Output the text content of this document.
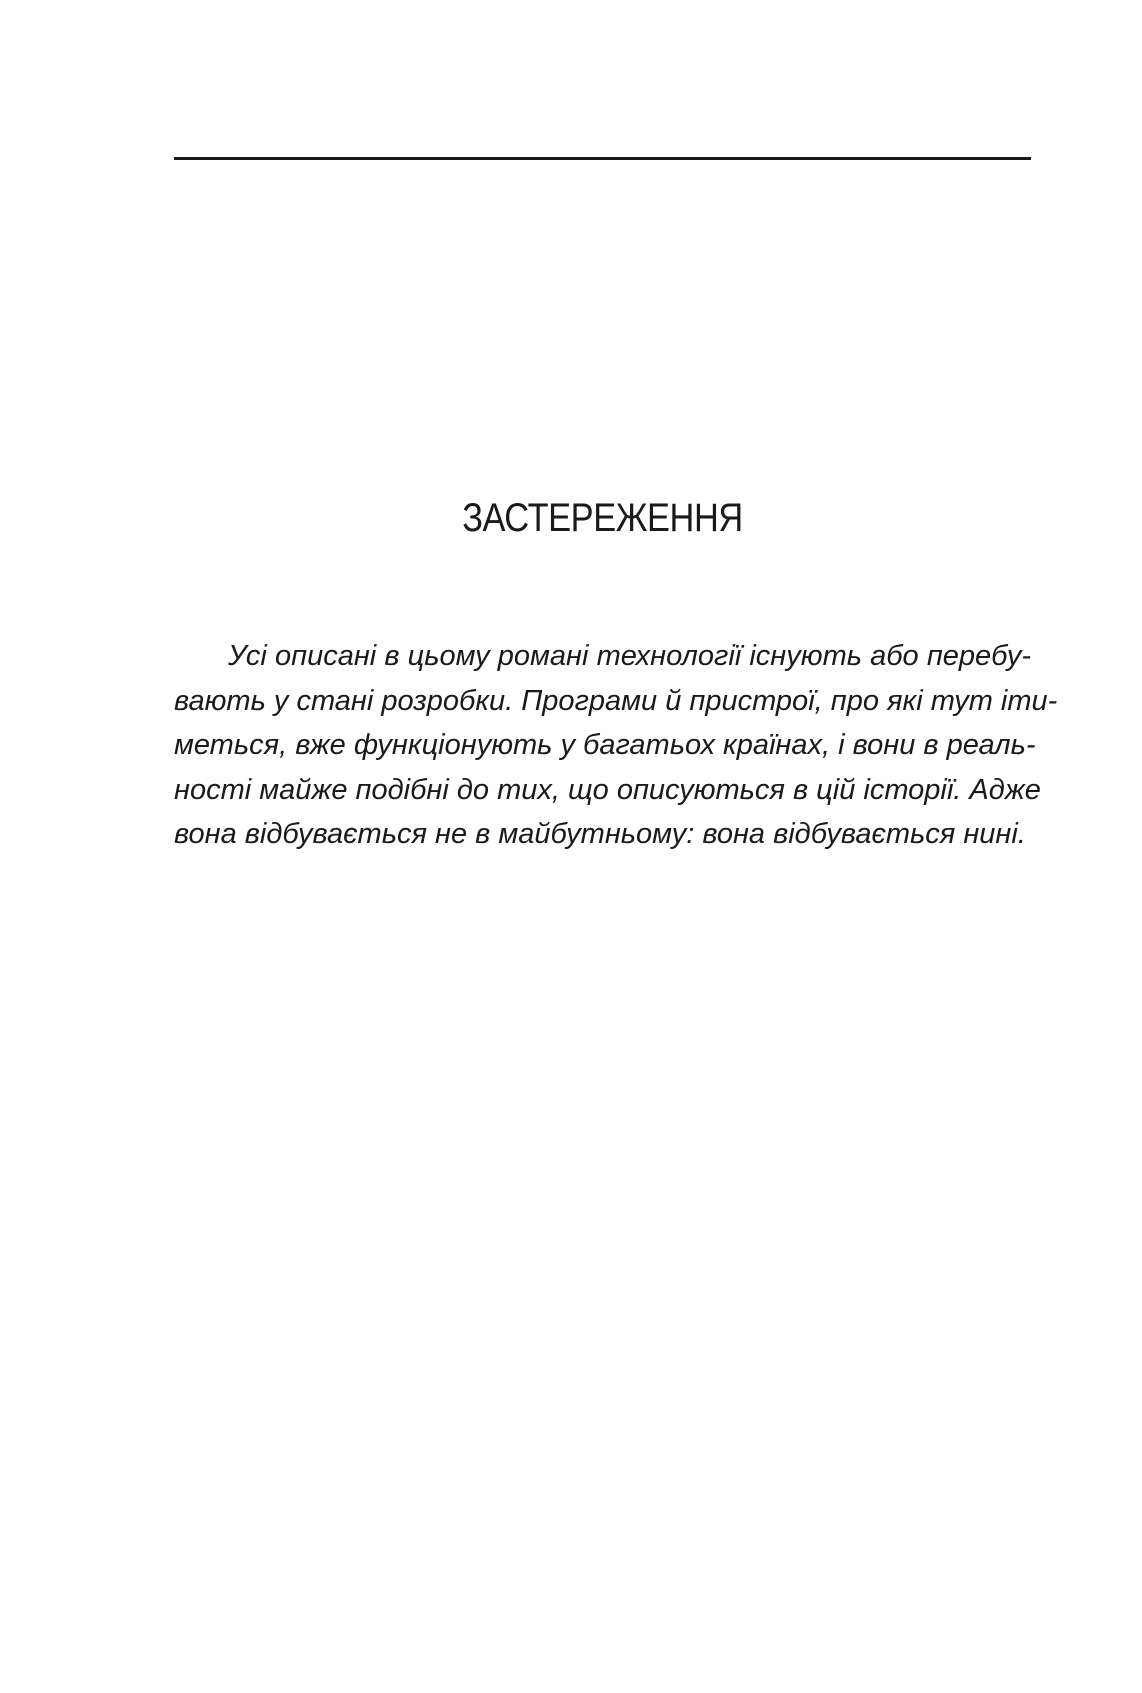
ЗАСТЕРЕЖЕННЯ

Усі описані в цьому романі технології існують або перебу-
вають у стані розробки. Програми й пристрої, про які тут іти-
меться, вже функціонують у багатьох країнах, і вони в реаль-
ності майже подібні до тих, що описуються в цій історії. Адже
вона відбувається не в майбутньому: вона відбувається нині.
